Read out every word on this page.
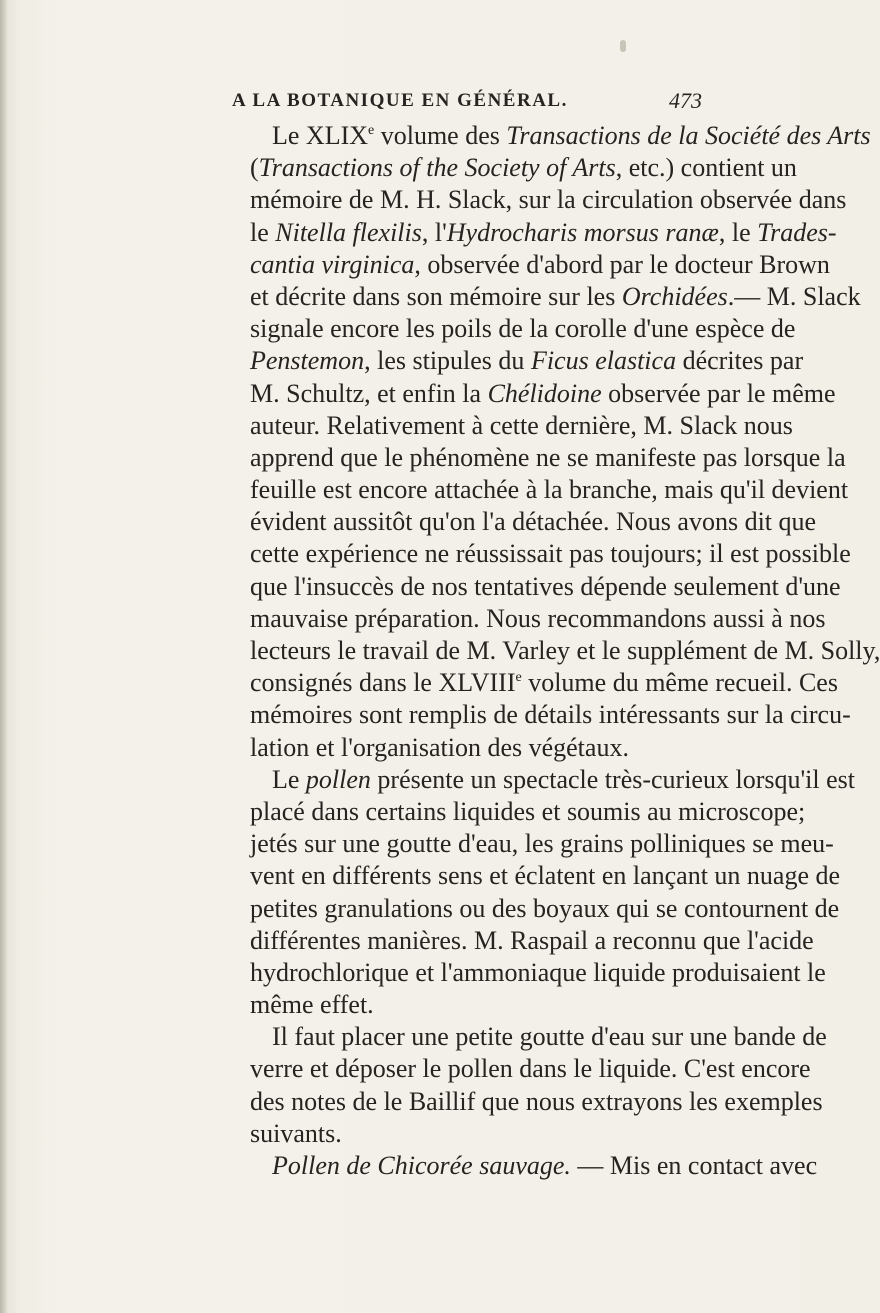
A LA BOTANIQUE EN GÉNÉRAL.	473
Le XLIXe volume des Transactions de la Société des Arts
(Transactions of the Society of Arts, etc.) contient un
mémoire de M. H. Slack, sur la circulation observée dans
le Nitella flexilis, l'Hydrocharis morsus ranæ, le Trades-
cantia virginica, observée d'abord par le docteur Brown
et décrite dans son mémoire sur les Orchidées.— M. Slack
signale encore les poils de la corolle d'une espèce de
Penstemon, les stipules du Ficus elastica décrites par
M. Schultz, et enfin la Chélidoine observée par le même
auteur. Relativement à cette dernière, M. Slack nous
apprend que le phénomène ne se manifeste pas lorsque la
feuille est encore attachée à la branche, mais qu'il devient
évident aussitôt qu'on l'a détachée. Nous avons dit que
cette expérience ne réussissait pas toujours; il est possible
que l'insuccès de nos tentatives dépende seulement d'une
mauvaise préparation. Nous recommandons aussi à nos
lecteurs le travail de M. Varley et le supplément de M. Solly,
consignés dans le XLVIIIe volume du même recueil. Ces
mémoires sont remplis de détails intéressants sur la circu-
lation et l'organisation des végétaux.
Le pollen présente un spectacle très-curieux lorsqu'il est
placé dans certains liquides et soumis au microscope;
jetés sur une goutte d'eau, les grains polliniques se meu-
vent en différents sens et éclatent en lançant un nuage de
petites granulations ou des boyaux qui se contournent de
différentes manières. M. Raspail a reconnu que l'acide
hydrochlorique et l'ammoniaque liquide produisaient le
même effet.
Il faut placer une petite goutte d'eau sur une bande de
verre et déposer le pollen dans le liquide. C'est encore
des notes de le Baillif que nous extrayons les exemples
suivants.
Pollen de Chicorée sauvage. — Mis en contact avec
